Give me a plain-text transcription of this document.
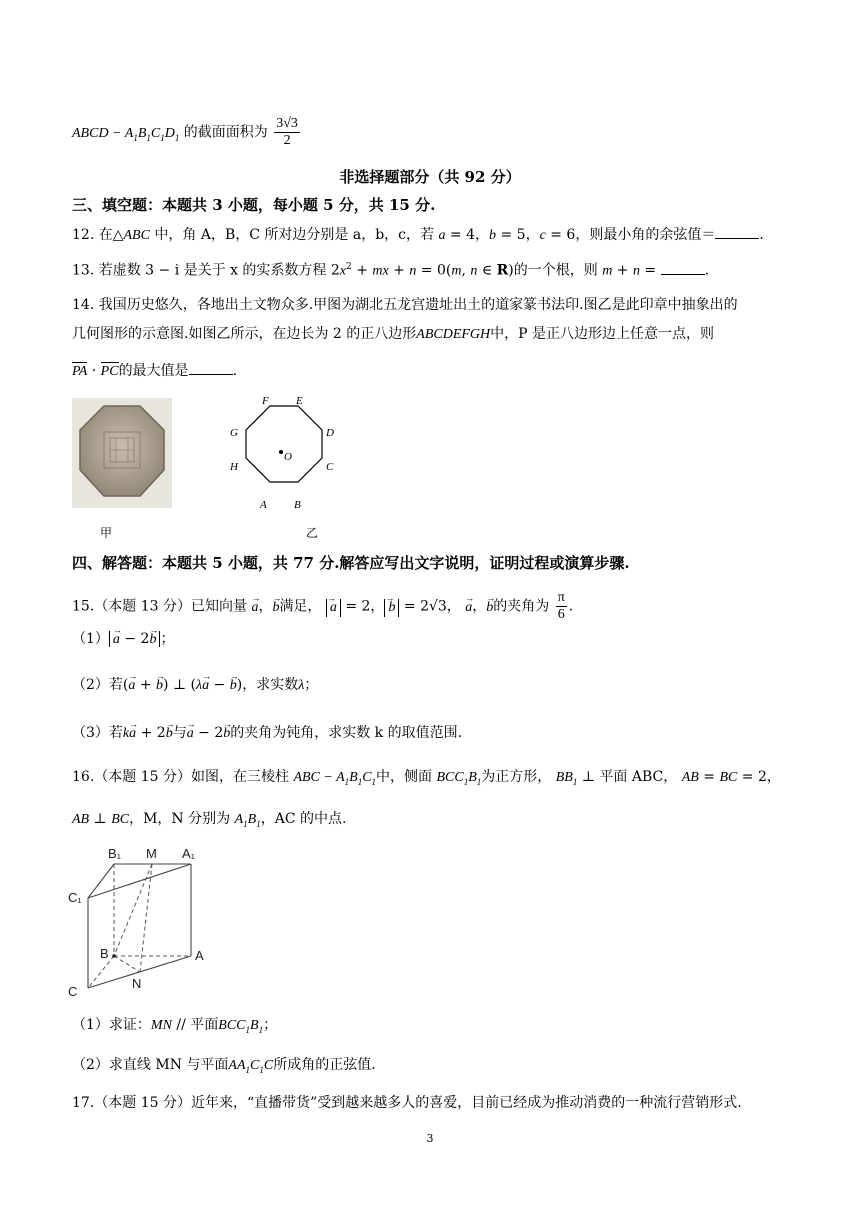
ABCD − $A_1B_1C_1D_1$ 的截面面积为 $\frac{3√3}{2}$
非选择题部分（共 92 分）
三、填空题：本题共 3 小题，每小题 5 分，共 15 分.
12. 在△ABC 中，角 A，B，C 所对边分别是 a，b，c，若 a = 4，b = 5，c = 6，则最小角的余弦值＝	.
13. 若虚数 3 − i 是关于 x 的实系数方程 $2x^2$ + mx + n = 0(m, n ∈ R)的一个根，则 m + n =	.
14. 我国历史悠久，各地出土文物众多.甲图为湖北五龙宫遗址出土的道家篆书法印.图乙是此印章中抽象出的
几何图形的示意图.如图乙所示，在边长为 2 的正八边形ABCDEFGH中，P 是正八边形边上任意一点，则
PA · PC的最大值是	.
甲
O
A B
C
D
E
F
G
H
乙
四、解答题：本题共 5 小题，共 77 分.解答应写出文字说明，证明过程或演算步骤.
15.（本题 13 分）已知向量 → a，→ b满足， → a = 2， → b = 2√3， → a，→ b的夹角为 $\frac{\pi}{6}$ .
（1） → a − 2→ b ；
（2）若(→ a + → b) ⊥ (λ→ a − → b)，求实数λ；
（3）若k→ a + 2→ b与→ a − 2→ b的夹角为钝角，求实数 k 的取值范围.
16.（本题 15 分）如图，在三棱柱 ABC − $A_1B_1C_1$中，侧面 $BCC_1B_1$为正方形， $BB_1$ ⊥ 平面 ABC， AB = BC = 2，
AB ⊥ BC，M，N 分别为 $A_1B_1$，AC 的中点.
B₁ M A₁
C₁
B	A
C
N
（1）求证：MN // 平面$BCC_1B_1$；
（2）求直线 MN 与平面$AA_1C_1C$所成角的正弦值.
17.（本题 15 分）近年来，“直播带货”受到越来越多人的喜爱，目前已经成为推动消费的一种流行营销形式.
3
